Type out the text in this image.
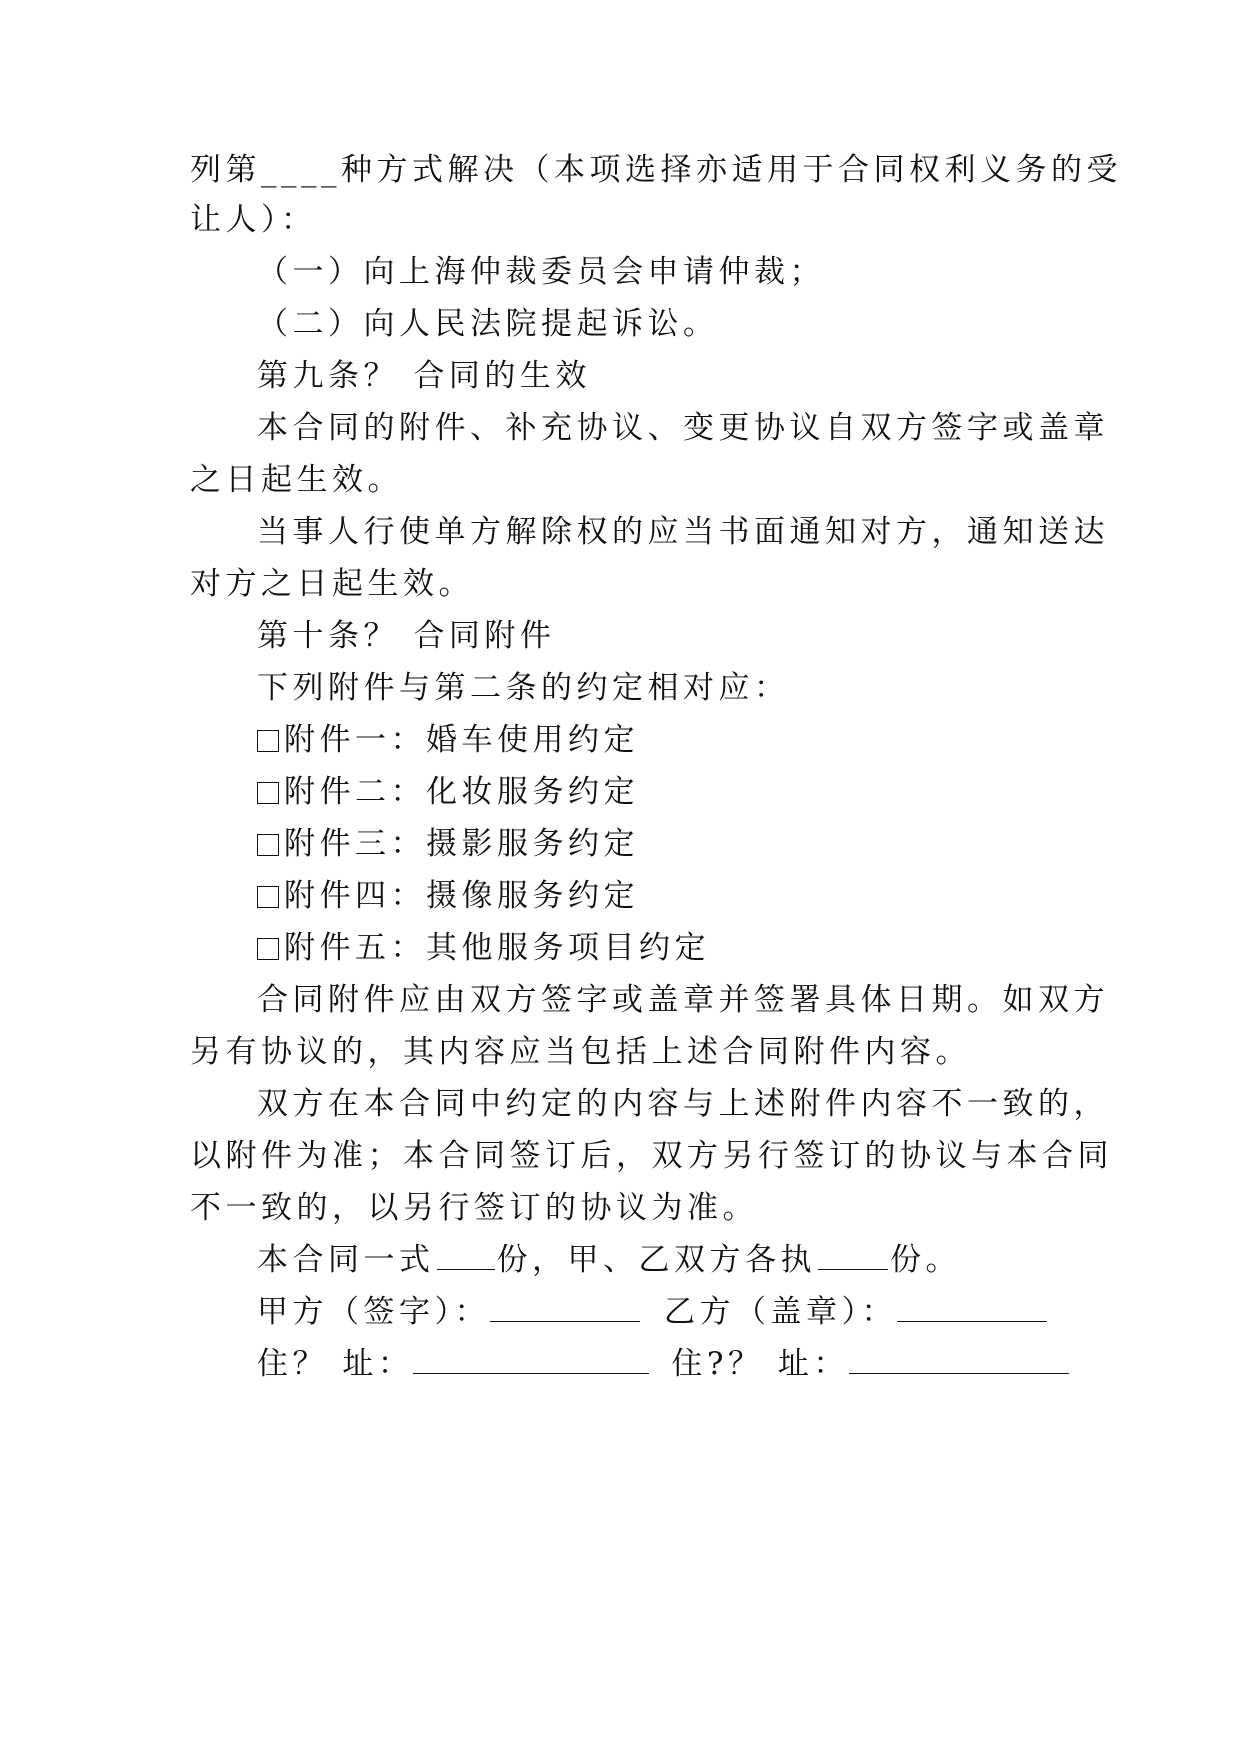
列第____种方式解决（本项选择亦适用于合同权利义务的受
让人）：
（一）向上海仲裁委员会申请仲裁；
（二）向人民法院提起诉讼。
第九条？ 合同的生效
本合同的附件、补充协议、变更协议自双方签字或盖章
之日起生效。
当事人行使单方解除权的应当书面通知对方，通知送达
对方之日起生效。
第十条？ 合同附件
下列附件与第二条的约定相对应：
附件一：婚车使用约定
附件二：化妆服务约定
附件三：摄影服务约定
附件四：摄像服务约定
附件五：其他服务项目约定
合同附件应由双方签字或盖章并签署具体日期。如双方
另有协议的，其内容应当包括上述合同附件内容。
双方在本合同中约定的内容与上述附件内容不一致的，
以附件为准；本合同签订后，双方另行签订的协议与本合同
不一致的，以另行签订的协议为准。
本合同一式 份，甲、乙双方各执 份。
甲方（签字）：	乙方（盖章）：
住？ 址：	住?？ 址：
